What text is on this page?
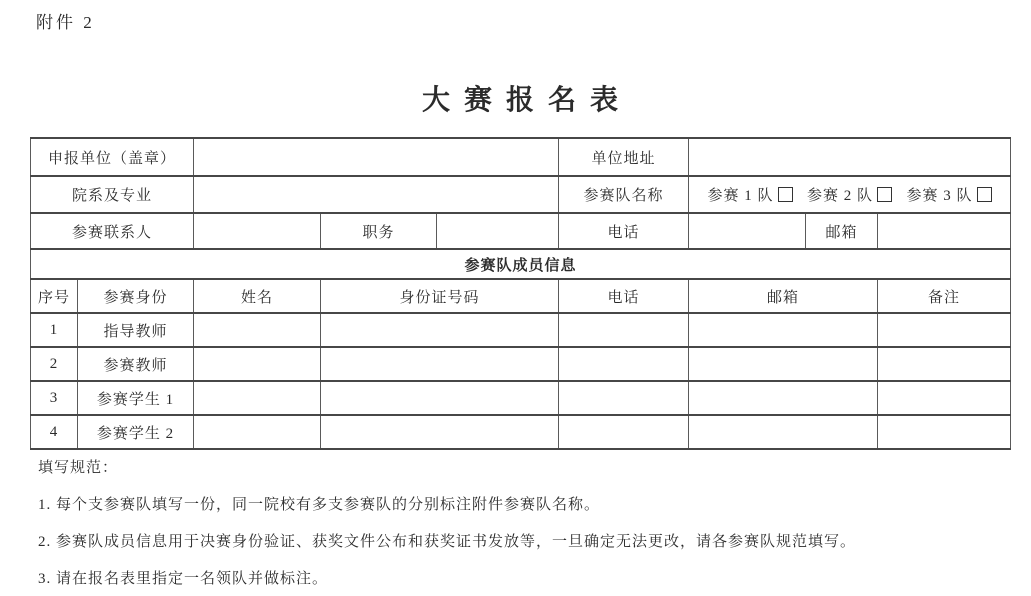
附件 2
大赛报名表
申报单位（盖章）					单位地址			
院系及专业					参赛队名称	参赛 1 队 参赛 2 队 参赛 3 队		

参赛联系人			职务		电话		邮箱	
参赛队成员信息								
序号	参赛身份	姓名	身份证号码		电话	邮箱		备注
1	指导教师							
2	参赛教师							
3	参赛学生 1							
4	参赛学生 2							
填写规范：
1. 每个支参赛队填写一份，同一院校有多支参赛队的分别标注附件参赛队名称。
2. 参赛队成员信息用于决赛身份验证、获奖文件公布和获奖证书发放等，一旦确定无法更改，请各参赛队规范填写。
3. 请在报名表里指定一名领队并做标注。
